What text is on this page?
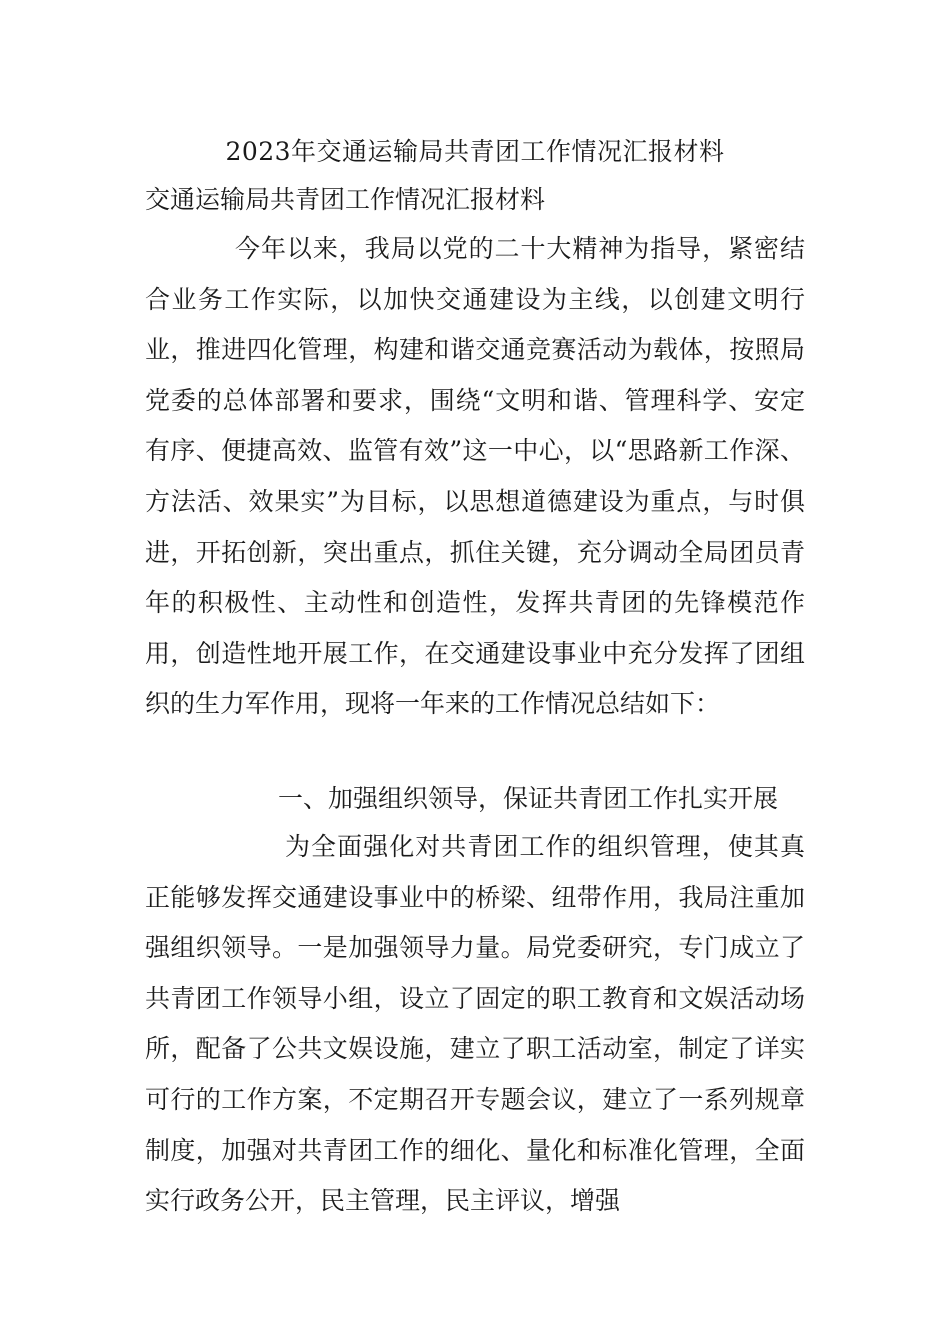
2023年交通运输局共青团工作情况汇报材料
交通运输局共青团工作情况汇报材料

今年以来，我局以党的二十大精神为指导，紧密结合业务工作实际，以加快交通建设为主线，以创建文明行业，推进四化管理，构建和谐交通竞赛活动为载体，按照局党委的总体部署和要求，围绕“文明和谐、管理科学、安定有序、便捷高效、监管有效”这一中心，以“思路新工作深、方法活、效果实”为目标，以思想道德建设为重点，与时俱进，开拓创新，突出重点，抓住关键，充分调动全局团员青年的积极性、主动性和创造性，发挥共青团的先锋模范作用，创造性地开展工作，在交通建设事业中充分发挥了团组织的生力军作用，现将一年来的工作情况总结如下：

一、加强组织领导，保证共青团工作扎实开展

为全面强化对共青团工作的组织管理，使其真正能够发挥交通建设事业中的桥梁、纽带作用，我局注重加强组织领导。一是加强领导力量。局党委研究，专门成立了共青团工作领导小组，设立了固定的职工教育和文娱活动场所，配备了公共文娱设施，建立了职工活动室，制定了详实可行的工作方案，不定期召开专题会议，建立了一系列规章制度，加强对共青团工作的细化、量化和标准化管理，全面实行政务公开，民主管理，民主评议，增强
